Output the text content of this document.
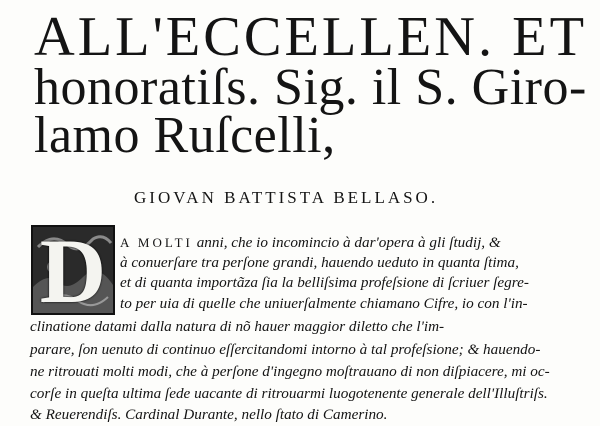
ALL'ECCELLEN. ET
honoratiſs. Sig. il S. Giro-
lamo Ruſcelli,
GIOVAN BATTISTA BELLASO.
D	A MOLTI anni, che io incomincio à dar'opera à gli ſtudij, &
à conuerſare tra perſone grandi, hauendo ueduto in quanta ſtima,
et di quanta importãza ſia la belliſsima profeſsione di ſcriuer ſegre-
to per uia di quelle che uniuerſalmente chiamano Cifre, io con l'in-
clinatione datami dalla natura di nõ hauer maggior diletto che l'im-
parare, ſon uenuto di continuo eſſercitandomi intorno à tal profeſsione; & hauendo-
ne ritrouati molti modi, che à perſone d'ingegno moſtrauano di non diſpiacere, mi oc-
corſe in queſta ultima ſede uacante di ritrouarmi luogotenente generale dell'Illuſtriſs.
& Reuerendiſs. Cardinal Durante, nello ſtato di Camerino.
